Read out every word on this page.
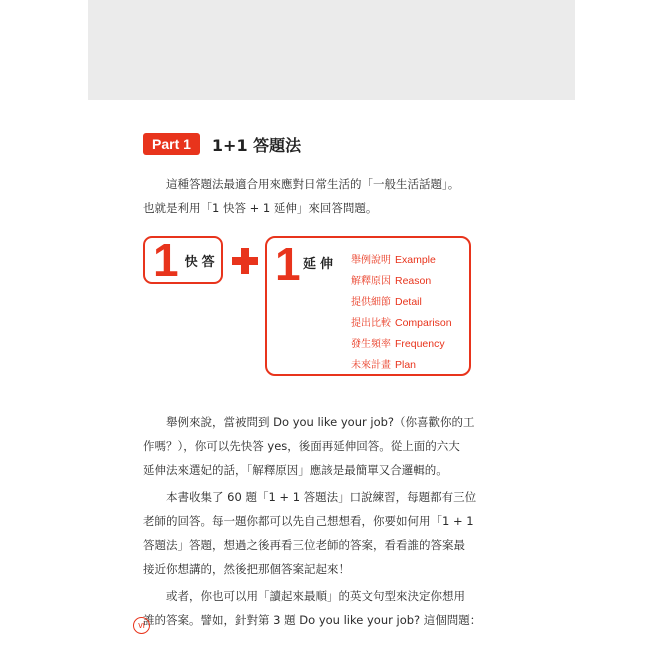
Part 1	1+1 答題法
這種答題法最適合用來應對日常生活的「一般生活話題」。
也就是利用「1 快答 + 1 延伸」來回答問題。
1 快答 1 延伸 舉例說明 Example
解釋原因 Reason
提供細節 Detail
提出比較 Comparison
發生頻率 Frequency
未來計畫 Plan
　　舉例來說，當被問到 Do you like your job?（你喜歡你的工
作嗎？），你可以先快答 yes，後面再延伸回答。從上面的六大
延伸法來選妃的話，「解釋原因」應該是最簡單又合邏輯的。
　　本書收集了 60 題「1 + 1 答題法」口說練習，每題都有三位
老師的回答。每一題你都可以先自己想想看，你要如何用「1 + 1
答題法」答題，想過之後再看三位老師的答案，看看誰的答案最
接近你想講的，然後把那個答案記起來！
　　或者，你也可以用「讀起來最順」的英文句型來決定你想用
誰的答案。譬如，針對第 3 題 Do you like your job? 這個問題：
vi
